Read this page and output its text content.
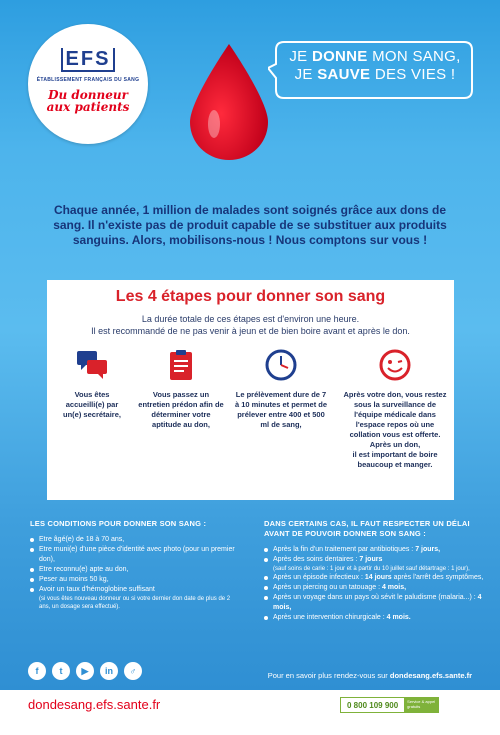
EFS
ÉTABLISSEMENT FRANÇAIS DU SANG
Du donneur
aux patients
JE DONNE MON SANG,
JE SAUVE DES VIES !
Chaque année, 1 million de malades sont soignés grâce aux dons de sang. Il n'existe pas de produit capable de se substituer aux produits sanguins. Alors, mobilisons-nous ! Nous comptons sur vous !
Les 4 étapes pour donner son sang
La durée totale de ces étapes est d'environ une heure.
Il est recommandé de ne pas venir à jeun et de bien boire avant et après le don.
Vous êtes accueilli(e) par un(e) secrétaire,
Vous passez un entretien prédon afin de déterminer votre aptitude au don,
Le prélèvement dure de 7 à 10 minutes et permet de prélever entre 400 et 500 ml de sang,
Après votre don, vous restez sous la surveillance de l'équipe médicale dans l'espace repos où une collation vous est offerte.
Après un don,
il est important de boire beaucoup et manger.
LES CONDITIONS POUR DONNER SON SANG :
Etre âgé(e) de 18 à 70 ans,
Etre muni(e) d'une pièce d'identité avec photo (pour un premier don),
Etre reconnu(e) apte au don,
Peser au moins 50 kg,
Avoir un taux d'hémoglobine suffisant
(si vous êtes nouveau donneur ou si votre dernier don date de plus de 2 ans, un dosage sera effectué).
DANS CERTAINS CAS, IL FAUT RESPECTER UN DÉLAI AVANT DE POUVOIR DONNER SON SANG :
Après la fin d'un traitement par antibiotiques : 7 jours,
Après des soins dentaires : 7 jours
(sauf soins de carie : 1 jour et à partir du 10 juillet sauf détartrage : 1 jour),
Après un épisode infectieux : 14 jours après l'arrêt des symptômes,
Après un piercing ou un tatouage : 4 mois,
Après un voyage dans un pays où sévit le paludisme (malaria...) : 4 mois,
Après une intervention chirurgicale : 4 mois.
f	t	▶	in	♂	Pour en savoir plus rendez-vous sur dondesang.efs.sante.fr
dondesang.efs.sante.fr	0 800 109 900	Service & appel gratuits
